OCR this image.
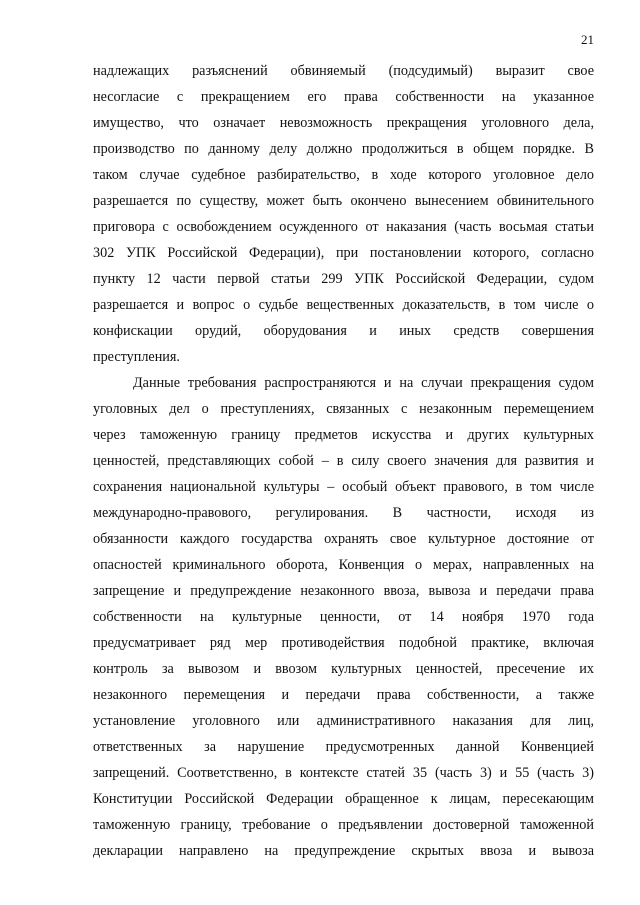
21
надлежащих разъяснений обвиняемый (подсудимый) выразит свое
несогласие с прекращением его права собственности на указанное
имущество, что означает невозможность прекращения уголовного дела,
производство по данному делу должно продолжиться в общем порядке. В
таком случае судебное разбирательство, в ходе которого уголовное дело
разрешается по существу, может быть окончено вынесением обвинительного
приговора с освобождением осужденного от наказания (часть восьмая статьи
302 УПК Российской Федерации), при постановлении которого, согласно
пункту 12 части первой статьи 299 УПК Российской Федерации, судом
разрешается и вопрос о судьбе вещественных доказательств, в том числе о
конфискации орудий, оборудования и иных средств совершения
преступления.
Данные требования распространяются и на случаи прекращения судом
уголовных дел о преступлениях, связанных с незаконным перемещением
через таможенную границу предметов искусства и других культурных
ценностей, представляющих собой – в силу своего значения для развития и
сохранения национальной культуры – особый объект правового, в том числе
международно-правового, регулирования. В частности, исходя из
обязанности каждого государства охранять свое культурное достояние от
опасностей криминального оборота, Конвенция о мерах, направленных на
запрещение и предупреждение незаконного ввоза, вывоза и передачи права
собственности на культурные ценности, от 14 ноября 1970 года
предусматривает ряд мер противодействия подобной практике, включая
контроль за вывозом и ввозом культурных ценностей, пресечение их
незаконного перемещения и передачи права собственности, а также
установление уголовного или административного наказания для лиц,
ответственных за нарушение предусмотренных данной Конвенцией
запрещений. Соответственно, в контексте статей 35 (часть 3) и 55 (часть 3)
Конституции Российской Федерации обращенное к лицам, пересекающим
таможенную границу, требование о предъявлении достоверной таможенной
декларации направлено на предупреждение скрытых ввоза и вывоза
